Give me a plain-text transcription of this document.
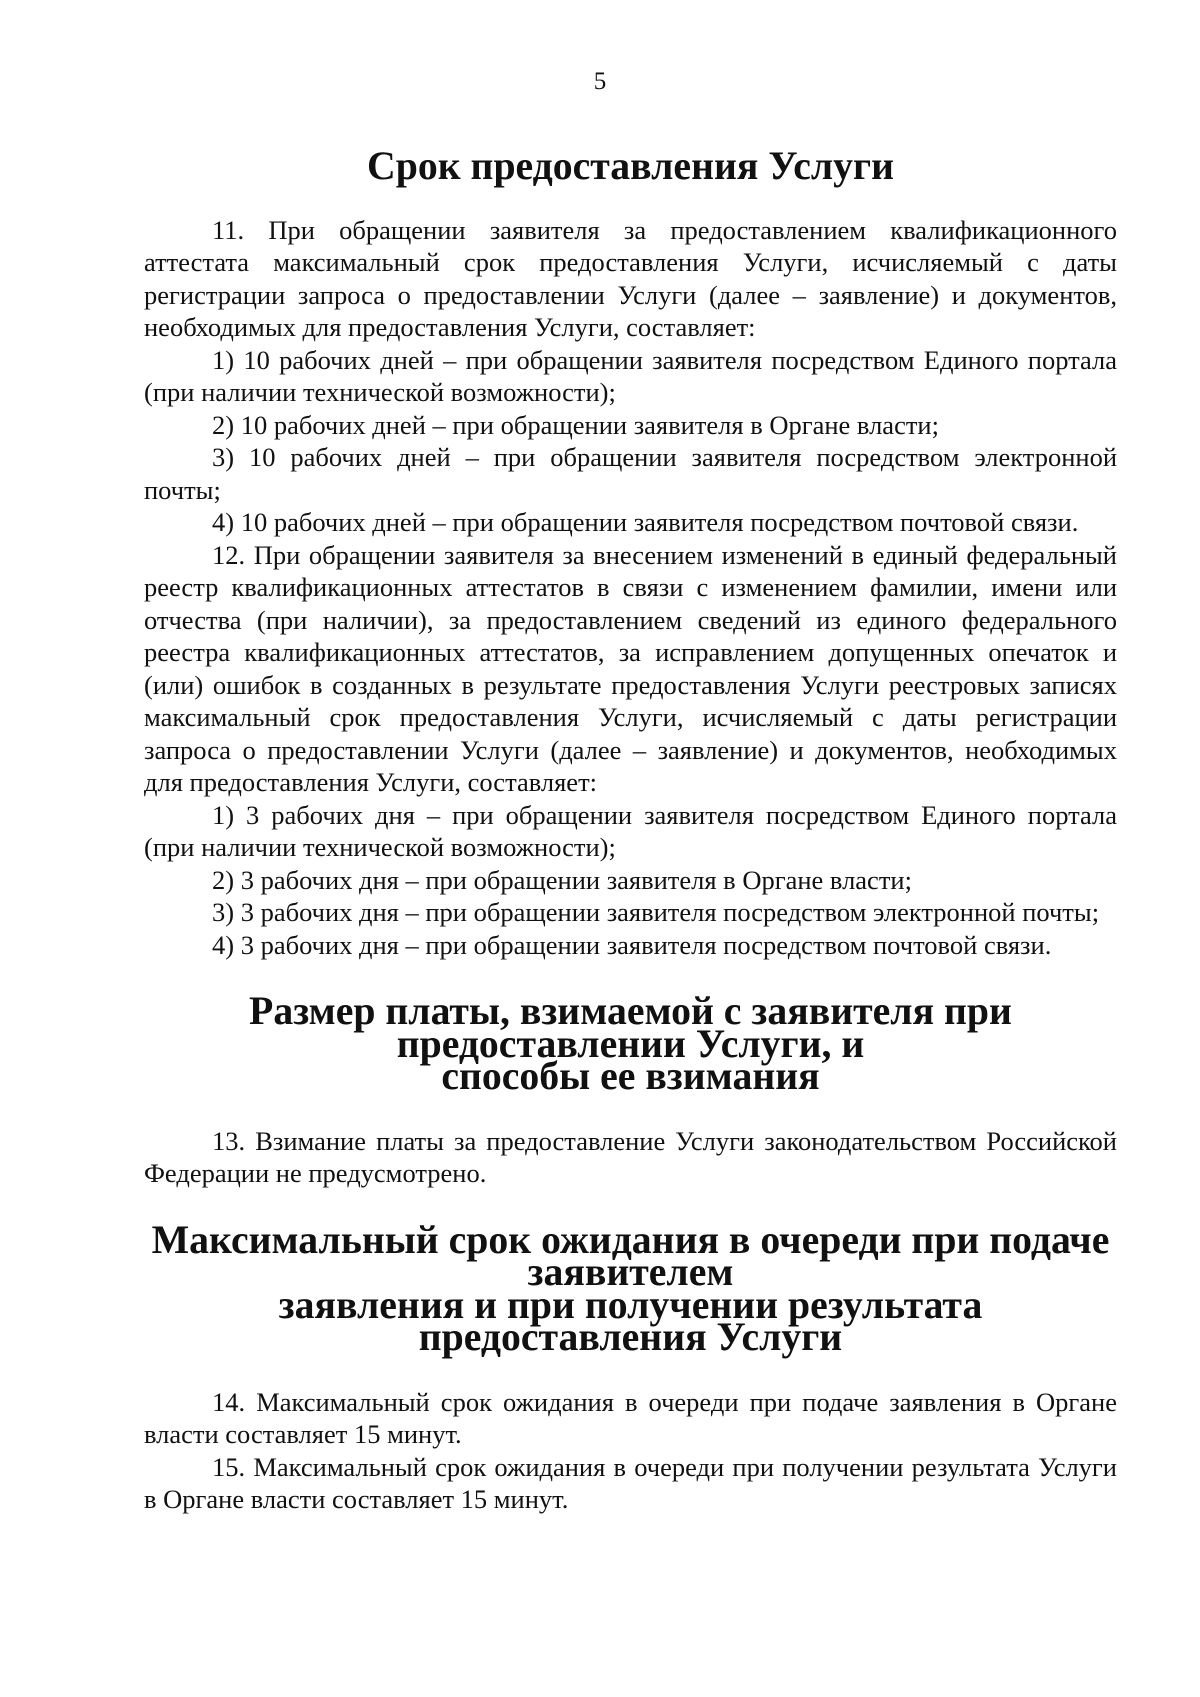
5
Срок предоставления Услуги

11. При обращении заявителя за предоставлением квалификационного аттестата максимальный срок предоставления Услуги, исчисляемый с даты регистрации запроса о предоставлении Услуги (далее – заявление) и документов, необходимых для предоставления Услуги, составляет:

1) 10 рабочих дней – при обращении заявителя посредством Единого портала (при наличии технической возможности);

2) 10 рабочих дней – при обращении заявителя в Органе власти;

3) 10 рабочих дней – при обращении заявителя посредством электронной почты;

4) 10 рабочих дней – при обращении заявителя посредством почтовой связи.

12. При обращении заявителя за внесением изменений в единый федеральный реестр квалификационных аттестатов в связи с изменением фамилии, имени или отчества (при наличии), за предоставлением сведений из единого федерального реестра квалификационных аттестатов, за исправлением допущенных опечаток и (или) ошибок в созданных в результате предоставления Услуги реестровых записях максимальный срок предоставления Услуги, исчисляемый с даты регистрации запроса о предоставлении Услуги (далее – заявление) и документов, необходимых для предоставления Услуги, составляет:

1) 3 рабочих дня – при обращении заявителя посредством Единого портала (при наличии технической возможности);

2) 3 рабочих дня – при обращении заявителя в Органе власти;

3) 3 рабочих дня – при обращении заявителя посредством электронной почты;

4) 3 рабочих дня – при обращении заявителя посредством почтовой связи.

Размер платы, взимаемой с заявителя при предоставлении Услуги, и
способы ее взимания

13. Взимание платы за предоставление Услуги законодательством Российской Федерации не предусмотрено.

Максимальный срок ожидания в очереди при подаче заявителем
заявления и при получении результата предоставления Услуги

14. Максимальный срок ожидания в очереди при подаче заявления в Органе власти составляет 15 минут.

15. Максимальный срок ожидания в очереди при получении результата Услуги в Органе власти составляет 15 минут.
